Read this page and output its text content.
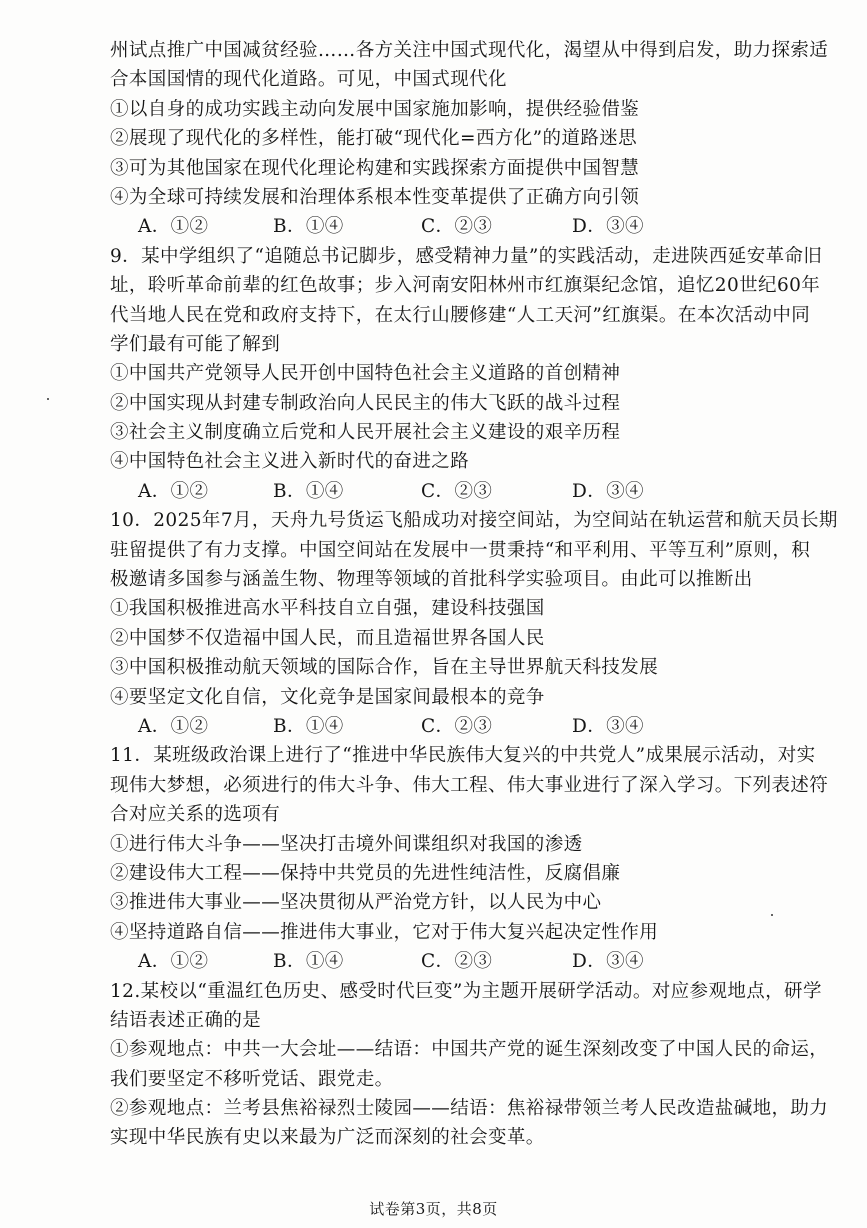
州试点推广中国减贫经验……各方关注中国式现代化，渴望从中得到启发，助力探索适
合本国国情的现代化道路。可见，中国式现代化
①以自身的成功实践主动向发展中国家施加影响，提供经验借鉴
②展现了现代化的多样性，能打破“现代化=西方化”的道路迷思
③可为其他国家在现代化理论构建和实践探索方面提供中国智慧
④为全球可持续发展和治理体系根本性变革提供了正确方向引领
A．①②	B．①④	C．②③	D．③④
9．某中学组织了“追随总书记脚步，感受精神力量”的实践活动，走进陕西延安革命旧
址，聆听革命前辈的红色故事；步入河南安阳林州市红旗渠纪念馆，追忆20世纪60年
代当地人民在党和政府支持下，在太行山腰修建“人工天河”红旗渠。在本次活动中同
学们最有可能了解到
①中国共产党领导人民开创中国特色社会主义道路的首创精神
②中国实现从封建专制政治向人民民主的伟大飞跃的战斗过程
③社会主义制度确立后党和人民开展社会主义建设的艰辛历程
④中国特色社会主义进入新时代的奋进之路
A．①②	B．①④	C．②③	D．③④
10．2025年7月，天舟九号货运飞船成功对接空间站，为空间站在轨运营和航天员长期
驻留提供了有力支撑。中国空间站在发展中一贯秉持“和平利用、平等互利”原则，积
极邀请多国参与涵盖生物、物理等领域的首批科学实验项目。由此可以推断出
①我国积极推进高水平科技自立自强，建设科技强国
②中国梦不仅造福中国人民，而且造福世界各国人民
③中国积极推动航天领域的国际合作，旨在主导世界航天科技发展
④要坚定文化自信，文化竞争是国家间最根本的竞争
A．①②	B．①④	C．②③	D．③④
11．某班级政治课上进行了“推进中华民族伟大复兴的中共党人”成果展示活动，对实
现伟大梦想，必须进行的伟大斗争、伟大工程、伟大事业进行了深入学习。下列表述符
合对应关系的选项有
①进行伟大斗争——坚决打击境外间谍组织对我国的渗透
②建设伟大工程——保持中共党员的先进性纯洁性，反腐倡廉
③推进伟大事业——坚决贯彻从严治党方针，以人民为中心
④坚持道路自信——推进伟大事业，它对于伟大复兴起决定性作用
A．①②	B．①④	C．②③	D．③④
12.某校以“重温红色历史、感受时代巨变”为主题开展研学活动。对应参观地点，研学
结语表述正确的是
①参观地点：中共一大会址——结语：中国共产党的诞生深刻改变了中国人民的命运，
我们要坚定不移听党话、跟党走。
②参观地点：兰考县焦裕禄烈士陵园——结语：焦裕禄带领兰考人民改造盐碱地，助力
实现中华民族有史以来最为广泛而深刻的社会变革。
试卷第3页，共8页
